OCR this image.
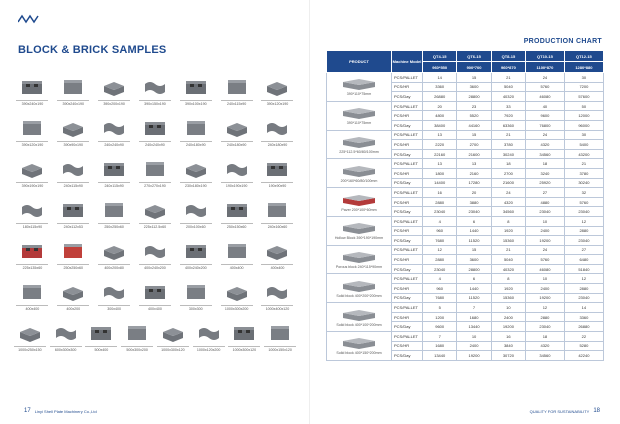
BLOCK & BRICK SAMPLES
390x240x190	390x240x190	390x200x190	390x150x190	390x100x190	240x115x90	390x120x190
390x120x190	390x90x190	240x240x90	240x240x90	240x180x90	240x180x90	240x180x90
390x190x190	240x115x90	240x115x90	270x270x190	230x180x190	190x190x190	190x90x90
180x115x90	240x112x53	250x250x60	225x112.5x60	200x100x60	250x150x60	240x160x60
225x135x60	250x250x60	400x200x80	400x240x200	400x240x200	400x400	400x400
400x400	400x200	300x400	400x400	300x300	1000x300x200	1000x400x120
1000x250x150	600x300x300	500x400	500x300x200	1000x300x120	1000x120x200	1000x300x120	1000x150x120
17 Linyi Shell Plate Machinery Co.,Ltd
PRODUCTION CHART
PRODUCT	Machine Model	QT4-15	QT6-15	QT8-15	QT10-15	QT12-15
		960*550	900*700	960*870	1100*870	1280*880

390*110*75mm	PCS/PALLET	14	15	21	24	30
	PCS/HR	3360	3600	5040	5760	7200
	PCS/Day	26880	28800	40320	46080	57600

390*110*75mm	PCS/PALLET	20	23	33	40	50
	PCS/HR	4800	5520	7920	9600	12000
	PCS/Day	38400	44160	63360	76800	96000

225*112.5*60/80/100mm	PCS/PALLET	13	15	21	24	30
	PCS/HR	2220	2700	3780	4320	5400
	PCS/Day	22160	21600	30240	34560	43200

200*160*60/80/100mm	PCS/PALLET	13	13	18	18	21
	PCS/HR	1800	2160	2700	3240	3780
	PCS/Day	14400	17280	21600	25920	30240

Paver 200*100*60mm	PCS/PALLET	16	20	24	27	32
	PCS/HR	2880	3880	4320	4880	5760
	PCS/Day	23040	23040	34560	23040	23040

Hollow Block 390*190*190mm	PCS/PALLET	4	6	8	10	12
	PCS/HR	960	1440	1920	2400	2880
	PCS/Day	7680	11520	15360	19200	23040

Porous block 240*115*90mm	PCS/PALLET	12	15	21	24	27
	PCS/HR	2880	3600	5040	5760	6480
	PCS/Day	23040	28800	40320	46080	51840

Solid block 400*200*200mm	PCS/PALLET	4	6	8	10	12
	PCS/HR	960	1440	1920	2400	2880
	PCS/Day	7680	11520	15360	19200	23040

Solid block 400*100*200mm	PCS/PALLET	5	7	10	12	14
	PCS/HR	1200	1680	2400	2880	3360
	PCS/Day	9600	13440	19200	23040	26880

Solid block 400*150*200mm	PCS/PALLET	7	10	16	18	22
	PCS/HR	1680	2400	3840	4320	5280
	PCS/Day	13440	19200	30720	34560	42240
QUALITY FOR SUSTAINABILITY 18
